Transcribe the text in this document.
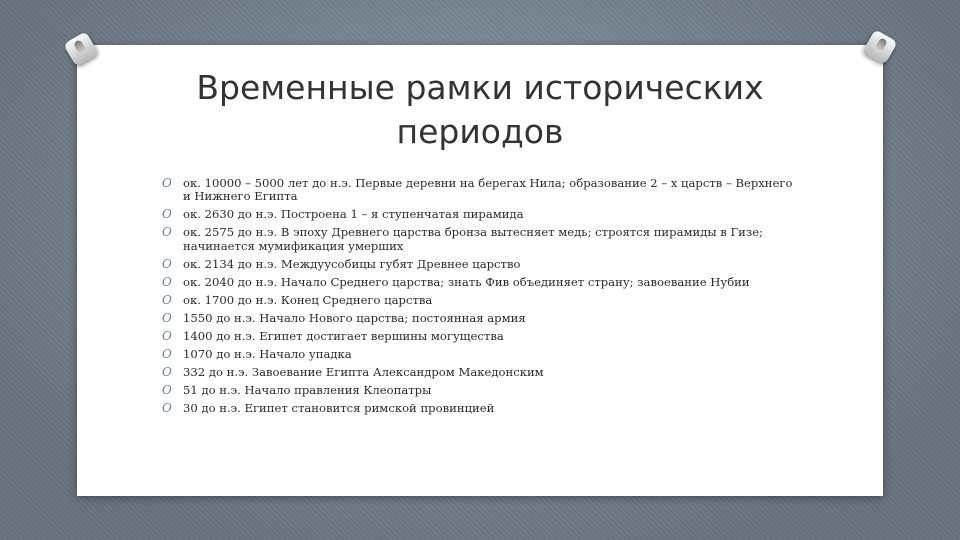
Временные рамки исторических
периодов
O ок. 10000 – 5000 лет до н.э. Первые деревни на берегах Нила; образование 2 – х царств – Верхнего и Нижнего Египта
O ок. 2630 до н.э. Построена 1 – я ступенчатая пирамида
O ок. 2575 до н.э. В эпоху Древнего царства бронза вытесняет медь; строятся пирамиды в Гизе; начинается мумификация умерших
O ок. 2134 до н.э. Междуусобицы губят Древнее царство
O ок. 2040 до н.э. Начало Среднего царства; знать Фив объединяет страну; завоевание Нубии
O ок. 1700 до н.э. Конец Среднего царства
O 1550 до н.э. Начало Нового царства; постоянная армия
O 1400 до н.э. Египет достигает вершины могущества
O 1070 до н.э. Начало упадка
O 332 до н.э. Завоевание Египта Александром Македонским
O 51 до н.э. Начало правления Клеопатры
O 30 до н.э. Египет становится римской провинцией
